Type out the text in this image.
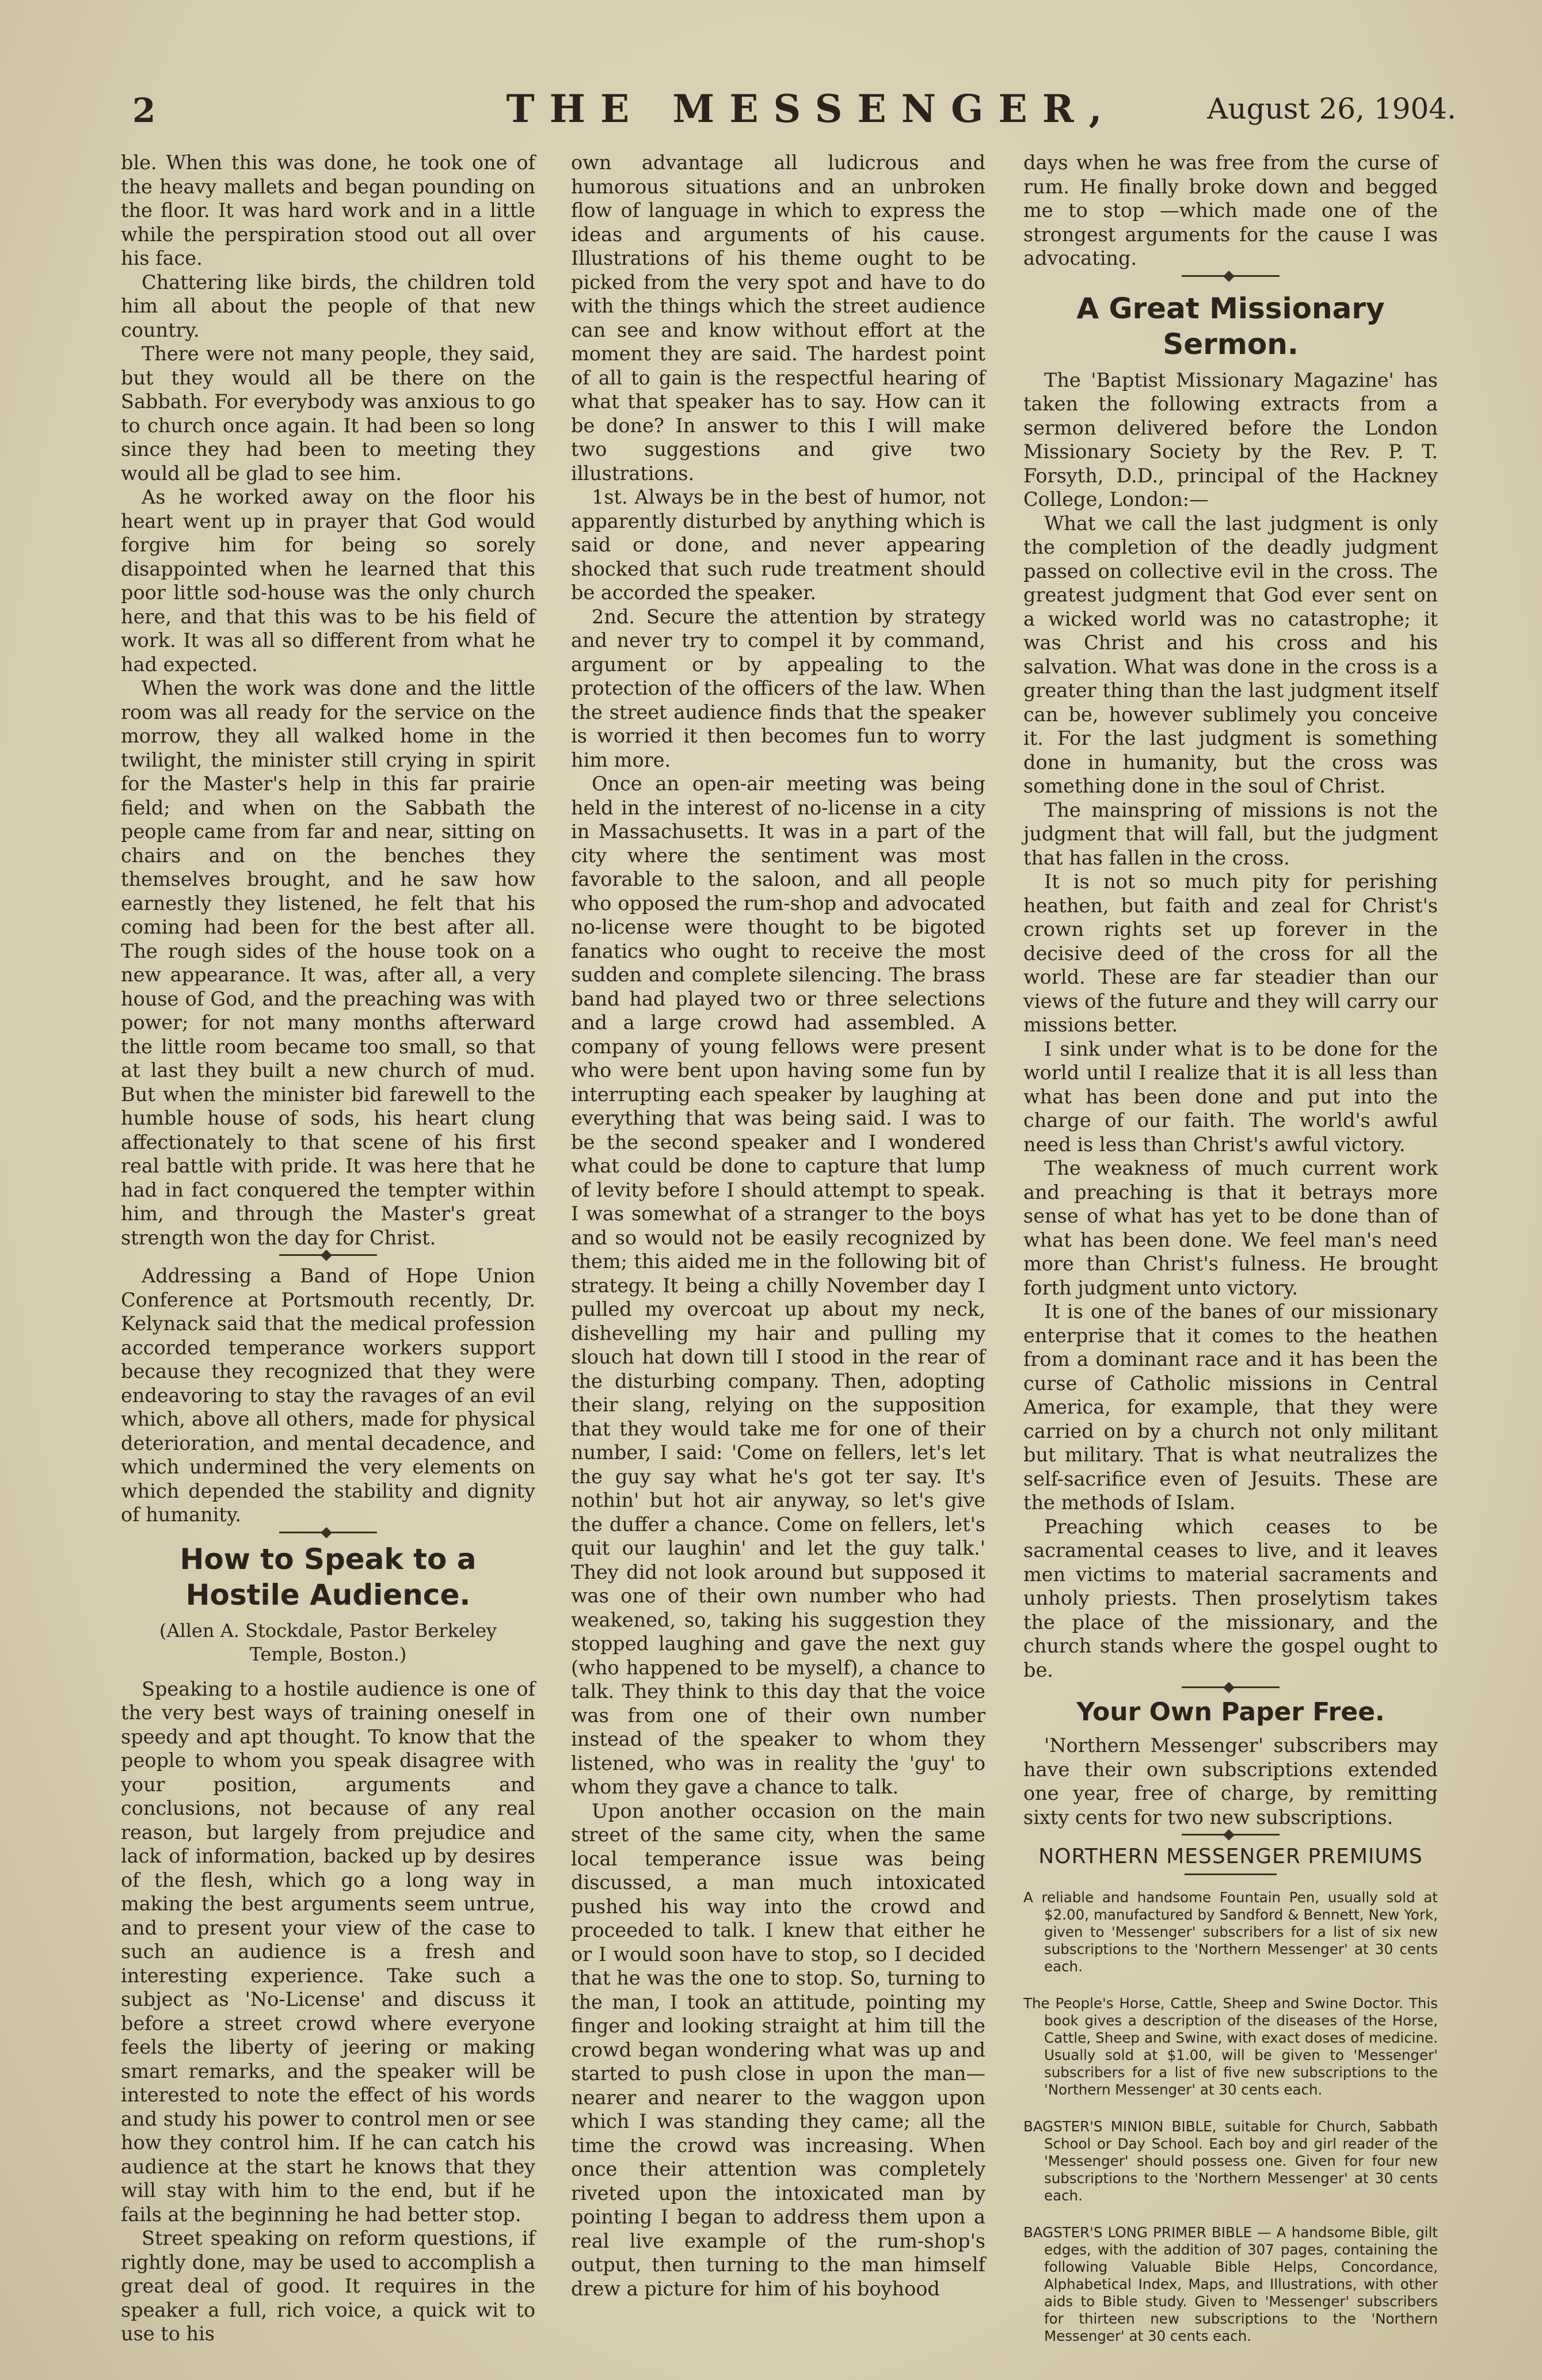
2	THE MESSENGER,	August 26, 1904.

ble. When this was done, he took one of the heavy mallets and began pounding on the floor. It was hard work and in a little while the perspiration stood out all over his face.

Chattering like birds, the children told him all about the people of that new country.

There were not many people, they said, but they would all be there on the Sabbath. For everybody was anxious to go to church once again. It had been so long since they had been to meeting they would all be glad to see him.

As he worked away on the floor his heart went up in prayer that God would forgive him for being so sorely disappointed when he learned that this poor little sod-house was the only church here, and that this was to be his field of work. It was all so different from what he had expected.

When the work was done and the little room was all ready for the service on the morrow, they all walked home in the twilight, the minister still crying in spirit for the Master's help in this far prairie field; and when on the Sabbath the people came from far and near, sitting on chairs and on the benches they themselves brought, and he saw how earnestly they listened, he felt that his coming had been for the best after all. The rough sides of the house took on a new appearance. It was, after all, a very house of God, and the preaching was with power; for not many months afterward the little room became too small, so that at last they built a new church of mud. But when the minister bid farewell to the humble house of sods, his heart clung affectionately to that scene of his first real battle with pride. It was here that he had in fact conquered the tempter within him, and through the Master's great strength won the day for Christ.

Addressing a Band of Hope Union Conference at Portsmouth recently, Dr. Kelynack said that the medical profession accorded temperance workers support because they recognized that they were endeavoring to stay the ravages of an evil which, above all others, made for physical deterioration, and mental decadence, and which undermined the very elements on which depended the stability and dignity of humanity.

How to Speak to a Hostile Audience.
(Allen A. Stockdale, Pastor Berkeley Temple, Boston.)

Speaking to a hostile audience is one of the very best ways of training oneself in speedy and apt thought. To know that the people to whom you speak disagree with your position, arguments and conclusions, not because of any real reason, but largely from prejudice and lack of information, backed up by desires of the flesh, which go a long way in making the best arguments seem untrue, and to present your view of the case to such an audience is a fresh and interesting experience. Take such a subject as 'No-License' and discuss it before a street crowd where everyone feels the liberty of jeering or making smart remarks, and the speaker will be interested to note the effect of his words and study his power to control men or see how they control him. If he can catch his audience at the start he knows that they will stay with him to the end, but if he fails at the beginning he had better stop.

Street speaking on reform questions, if rightly done, may be used to accomplish a great deal of good. It requires in the speaker a full, rich voice, a quick wit to use to his

own advantage all ludicrous and humorous situations and an unbroken flow of language in which to express the ideas and arguments of his cause. Illustrations of his theme ought to be picked from the very spot and have to do with the things which the street audience can see and know without effort at the moment they are said. The hardest point of all to gain is the respectful hearing of what that speaker has to say. How can it be done? In answer to this I will make two suggestions and give two illustrations.

1st. Always be in the best of humor, not apparently disturbed by anything which is said or done, and never appearing shocked that such rude treatment should be accorded the speaker.

2nd. Secure the attention by strategy and never try to compel it by command, argument or by appealing to the protection of the officers of the law. When the street audience finds that the speaker is worried it then becomes fun to worry him more.

Once an open-air meeting was being held in the interest of no-license in a city in Massachusetts. It was in a part of the city where the sentiment was most favorable to the saloon, and all people who opposed the rum-shop and advocated no-license were thought to be bigoted fanatics who ought to receive the most sudden and complete silencing. The brass band had played two or three selections and a large crowd had assembled. A company of young fellows were present who were bent upon having some fun by interrupting each speaker by laughing at everything that was being said. I was to be the second speaker and I wondered what could be done to capture that lump of levity before I should attempt to speak. I was somewhat of a stranger to the boys and so would not be easily recognized by them; this aided me in the following bit of strategy. It being a chilly November day I pulled my overcoat up about my neck, dishevelling my hair and pulling my slouch hat down till I stood in the rear of the disturbing company. Then, adopting their slang, relying on the supposition that they would take me for one of their number, I said: 'Come on fellers, let's let the guy say what he's got ter say. It's nothin' but hot air anyway, so let's give the duffer a chance. Come on fellers, let's quit our laughin' and let the guy talk.' They did not look around but supposed it was one of their own number who had weakened, so, taking his suggestion they stopped laughing and gave the next guy (who happened to be myself), a chance to talk. They think to this day that the voice was from one of their own number instead of the speaker to whom they listened, who was in reality the 'guy' to whom they gave a chance to talk.

Upon another occasion on the main street of the same city, when the same local temperance issue was being discussed, a man much intoxicated pushed his way into the crowd and proceeded to talk. I knew that either he or I would soon have to stop, so I decided that he was the one to stop. So, turning to the man, I took an attitude, pointing my finger and looking straight at him till the crowd began wondering what was up and started to push close in upon the man—nearer and nearer to the waggon upon which I was standing they came; all the time the crowd was increasing. When once their attention was completely riveted upon the intoxicated man by pointing I began to address them upon a real live example of the rum-shop's output, then turning to the man himself drew a picture for him of his boyhood

days when he was free from the curse of rum. He finally broke down and begged me to stop —which made one of the strongest arguments for the cause I was advocating.

A Great Missionary Sermon.

The 'Baptist Missionary Magazine' has taken the following extracts from a sermon delivered before the London Missionary Society by the Rev. P. T. Forsyth, D.D., principal of the Hackney College, London:—

What we call the last judgment is only the completion of the deadly judgment passed on collective evil in the cross. The greatest judgment that God ever sent on a wicked world was no catastrophe; it was Christ and his cross and his salvation. What was done in the cross is a greater thing than the last judgment itself can be, however sublimely you conceive it. For the last judgment is something done in humanity, but the cross was something done in the soul of Christ.

The mainspring of missions is not the judgment that will fall, but the judgment that has fallen in the cross.

It is not so much pity for perishing heathen, but faith and zeal for Christ's crown rights set up forever in the decisive deed of the cross for all the world. These are far steadier than our views of the future and they will carry our missions better.

I sink under what is to be done for the world until I realize that it is all less than what has been done and put into the charge of our faith. The world's awful need is less than Christ's awful victory.

The weakness of much current work and preaching is that it betrays more sense of what has yet to be done than of what has been done. We feel man's need more than Christ's fulness. He brought forth judgment unto victory.

It is one of the banes of our missionary enterprise that it comes to the heathen from a dominant race and it has been the curse of Catholic missions in Central America, for example, that they were carried on by a church not only militant but military. That is what neutralizes the self-sacrifice even of Jesuits. These are the methods of Islam.

Preaching which ceases to be sacramental ceases to live, and it leaves men victims to material sacraments and unholy priests. Then proselytism takes the place of the missionary, and the church stands where the gospel ought to be.

Your Own Paper Free.

'Northern Messenger' subscribers may have their own subscriptions extended one year, free of charge, by remitting sixty cents for two new subscriptions.

NORTHERN MESSENGER PREMIUMS

A reliable and handsome Fountain Pen, usually sold at $2.00, manufactured by Sandford & Bennett, New York, given to 'Messenger' subscribers for a list of six new subscriptions to the 'Northern Messenger' at 30 cents each.

The People's Horse, Cattle, Sheep and Swine Doctor. This book gives a description of the diseases of the Horse, Cattle, Sheep and Swine, with exact doses of medicine. Usually sold at $1.00, will be given to 'Messenger' subscribers for a list of five new subscriptions to the 'Northern Messenger' at 30 cents each.

BAGSTER'S MINION BIBLE, suitable for Church, Sabbath School or Day School. Each boy and girl reader of the 'Messenger' should possess one. Given for four new subscriptions to the 'Northern Messenger' at 30 cents each.

BAGSTER'S LONG PRIMER BIBLE — A handsome Bible, gilt edges, with the addition of 307 pages, containing the following Valuable Bible Helps, Concordance, Alphabetical Index, Maps, and Illustrations, with other aids to Bible study. Given to 'Messenger' subscribers for thirteen new subscriptions to the 'Northern Messenger' at 30 cents each.
